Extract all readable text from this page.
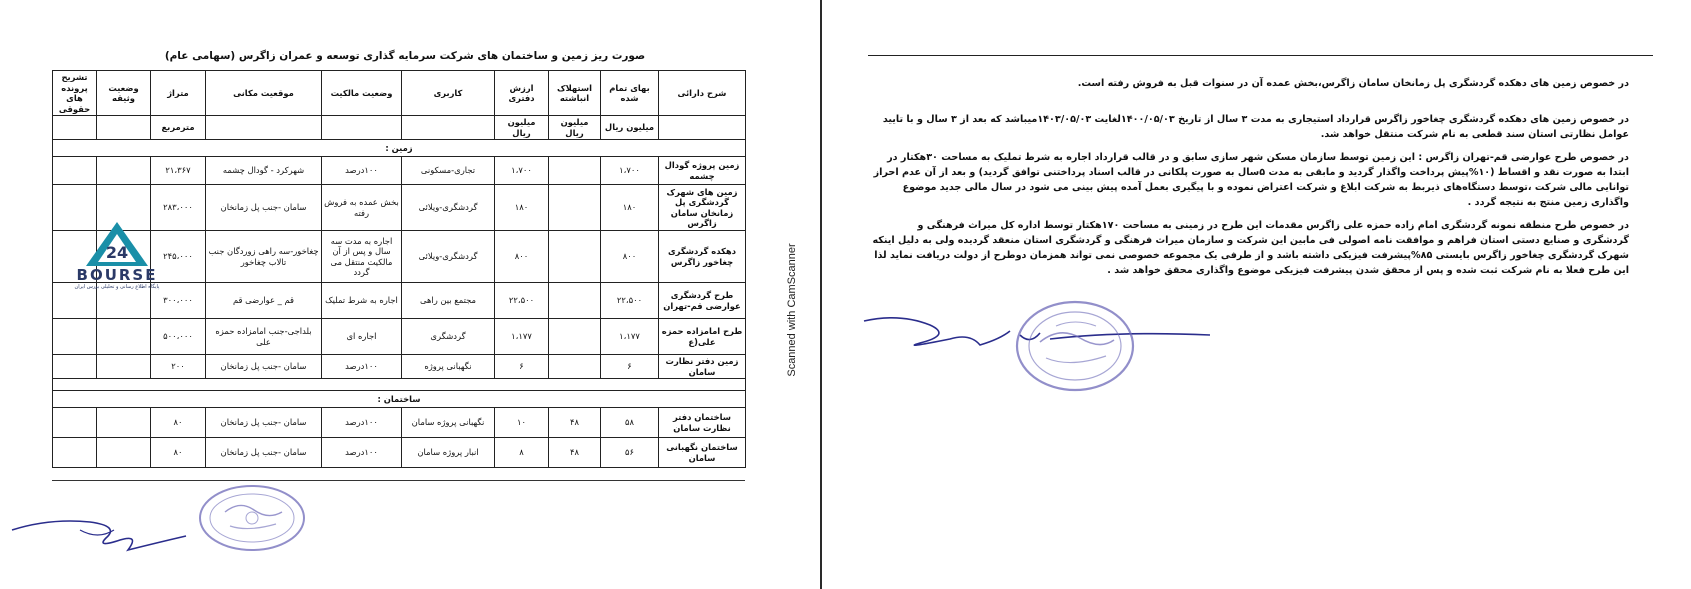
صورت ریز زمین و ساختمان های شرکت سرمایه گذاری توسعه و عمران زاگرس (سهامی عام)
شرح دارائی	بهای تمام شده	استهلاک انباشته	ارزش دفتری	کاربری	وضعیت مالکیت	موقعیت مکانی	متراژ	وضعیت وثیقه	تشریح پرونده های حقوقی
	میلیون ریال	میلیون ریال	میلیون ریال				مترمربع		
زمین :									
زمین پروژه گودال چشمه	۱،۷۰۰		۱،۷۰۰	تجاری-مسکونی	۱۰۰درصد	شهرکرد - گودال چشمه	۲۱،۳۶۷		
زمین های شهرک گردشگری پل زمانخان سامان زاگرس	۱۸۰		۱۸۰	گردشگری-ویلائی	بخش عمده به فروش رفته	سامان -جنب پل زمانخان	۲۸۳،۰۰۰		
دهکده گردشگری چغاخور زاگرس	۸۰۰		۸۰۰	گردشگری-ویلائی	اجاره به مدت سه سال و پس از آن مالکیت منتقل می گردد	چغاخور-سه راهی زوردگان جنب تالاب چغاخور	۲۴۵،۰۰۰		
طرح گردشگری عوارضی قم-تهران	۲۲،۵۰۰		۲۲،۵۰۰	مجتمع بین راهی	اجاره به شرط تملیک	قم _ عوارضی قم	۳۰۰،۰۰۰		
طرح امامزاده حمزه علی(ع	۱،۱۷۷		۱،۱۷۷	گردشگری	اجاره ای	بلداجی-جنب امامزاده حمزه علی	۵۰۰،۰۰۰		
زمین دفتر نظارت سامان	۶		۶	نگهبانی پروژه	۱۰۰درصد	سامان -جنب پل زمانخان	۲۰۰		

ساختمان :									
ساختمان دفتر نظارت سامان	۵۸	۴۸	۱۰	نگهبانی پروژه سامان	۱۰۰درصد	سامان -جنب پل زمانخان	۸۰		
ساختمان نگهبانی سامان	۵۶	۴۸	۸	انبار پروژه سامان	۱۰۰درصد	سامان -جنب پل زمانخان	۸۰		
24
BOURSE
پایگاه اطلاع رسانی و تحلیلی بورس ایران	Scanned with CamScanner
در خصوص زمین های دهکده گردشگری پل زمانخان سامان زاگرس،بخش عمده آن در سنوات قبل به فروش رفته است.
در خصوص زمین های دهکده گردشگری چغاخور زاگرس قرارداد استیجاری به مدت ۳ سال از تاریخ ۱۴۰۰/۰۵/۰۳لغایت ۱۴۰۳/۰۵/۰۳میباشد که بعد از ۳ سال و با تایید عوامل نظارتی استان سند قطعی به نام شرکت منتقل خواهد شد.
در خصوص طرح عوارضی قم-تهران زاگرس : این زمین توسط سازمان مسکن شهر سازی سابق و در قالب قرارداد اجاره به شرط تملیک به مساحت ۳۰هکتار در ابتدا به صورت نقد و اقساط (۱۰%پیش پرداخت واگذار گردید و مابقی به مدت ۵سال به صورت پلکانی در قالب اسناد پرداختنی توافق گردید) و بعد از آن عدم احراز توانایی مالی شرکت ،توسط دستگاه‌های ذیربط به شرکت ابلاغ و شرکت اعتراض نموده و با پیگیری بعمل آمده پیش بینی می شود در سال مالی جدید موضوع واگذاری زمین منتج به نتیجه گردد .
در خصوص طرح منطقه نمونه گردشگری امام زاده حمزه علی زاگرس مقدمات این طرح در زمینی به مساحت ۱۷۰هکتار توسط اداره کل میراث فرهنگی و گردشگری و صنایع دستی استان فراهم و موافقت نامه اصولی فی مابین این شرکت و سازمان میراث فرهنگی و گردشگری استان منعقد گردیده ولی به دلیل اینکه شهرک گردشگری چغاخور زاگرس بایستی ۸۵%پیشرفت فیزیکی داشته باشد و از طرفی یک مجموعه خصوصی نمی تواند همزمان دوطرح از دولت دریافت نماید لذا این طرح فعلا به نام شرکت ثبت شده و پس از محقق شدن پیشرفت فیزیکی موضوع واگذاری محقق خواهد شد .
